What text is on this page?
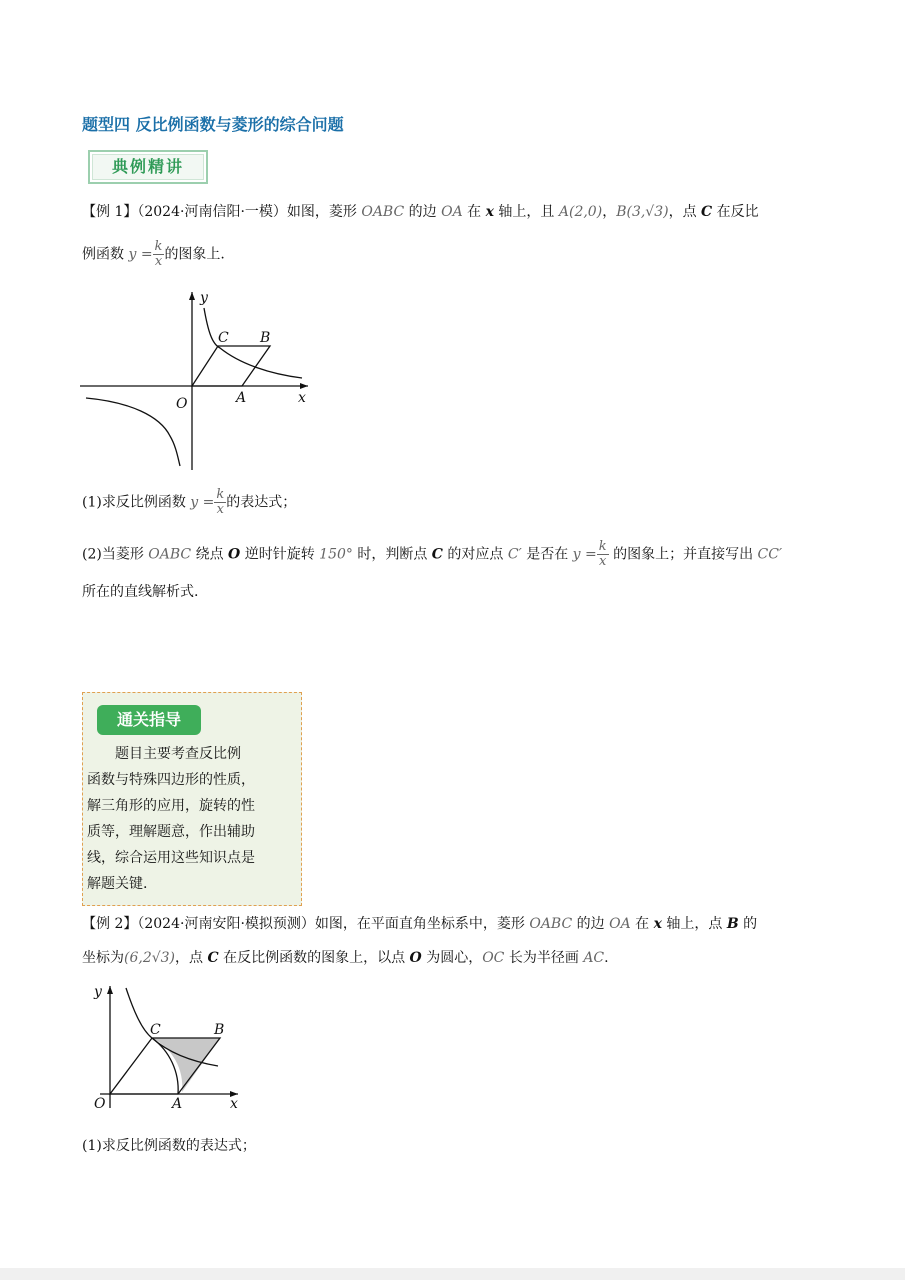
题型四 反比例函数与菱形的综合问题
典例精讲
【例 1】（2024·河南信阳·一模）如图，菱形 OABC 的边 OA 在 x 轴上，且 A(2,0)，B(3,√3)，点 C 在反比
例函数 $y = \frac{k}{x}$ 的图象上.
y
x
O	A
B
C
(1)求反比例函数 $y = \frac{k}{x}$ 的表达式；
(2)当菱形 OABC 绕点 O 逆时针旋转 150° 时，判断点 C 的对应点 C′ 是否在 $y = \frac{k}{x}$ 的图象上；并直接写出 CC′
所在的直线解析式.
通关指导
　　题目主要考查反比例
函数与特殊四边形的性质，
解三角形的应用，旋转的性
质等，理解题意，作出辅助
线，综合运用这些知识点是
解题关键.
【例 2】（2024·河南安阳·模拟预测）如图，在平面直角坐标系中，菱形 OABC 的边 OA 在 x 轴上，点 B 的
坐标为(6,2√3)，点 C 在反比例函数的图象上，以点 O 为圆心，OC 长为半径画 AC.
y
x
O	A
B
C
(1)求反比例函数的表达式；
